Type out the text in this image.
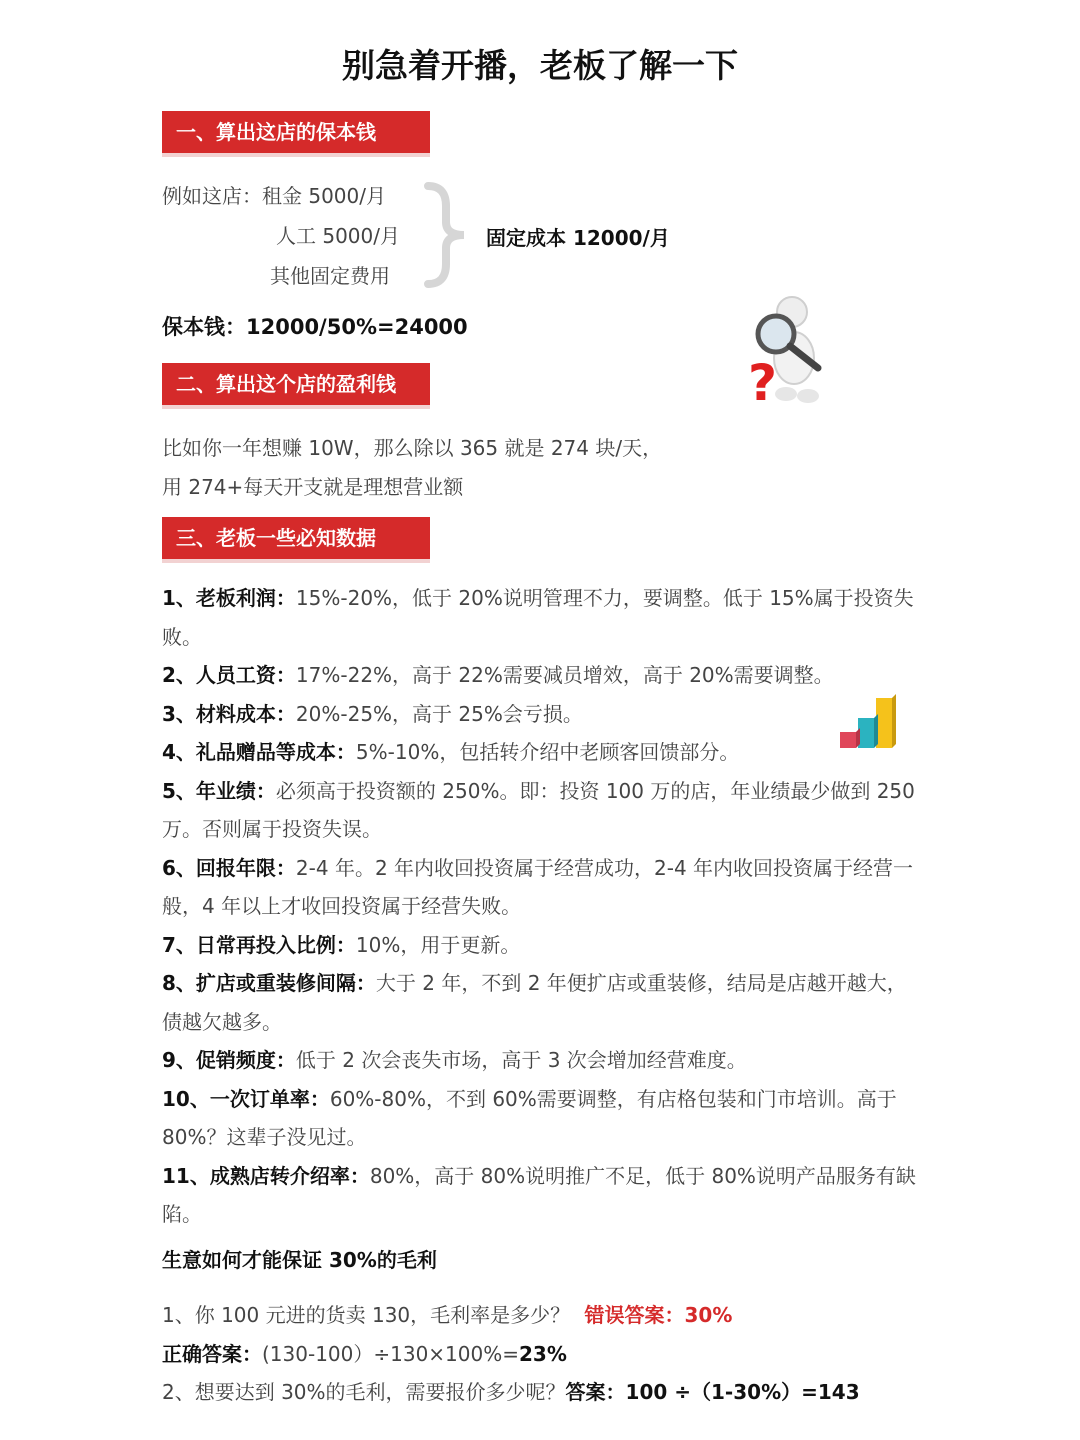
别急着开播，老板了解一下
一、算出这店的保本钱
例如这店：租金 5000/月
人工 5000/月
其他固定费用
固定成本 12000/月
保本钱：12000/50%=24000
?
二、算出这个店的盈利钱
比如你一年想赚 10W，那么除以 365 就是 274 块/天，
用 274+每天开支就是理想营业额
三、老板一些必知数据

1、老板利润：15%-20%，低于 20%说明管理不力，要调整。低于 15%属于投资失败。

2、人员工资：17%-22%，高于 22%需要减员增效，高于 20%需要调整。

3、材料成本：20%-25%，高于 25%会亏损。

4、礼品赠品等成本：5%-10%，包括转介绍中老顾客回馈部分。

5、年业绩：必须高于投资额的 250%。即：投资 100 万的店，年业绩最少做到 250 万。否则属于投资失误。

6、回报年限：2-4 年。2 年内收回投资属于经营成功，2-4 年内收回投资属于经营一般，4 年以上才收回投资属于经营失败。

7、日常再投入比例：10%，用于更新。

8、扩店或重装修间隔：大于 2 年，不到 2 年便扩店或重装修，结局是店越开越大，债越欠越多。

9、促销频度：低于 2 次会丧失市场，高于 3 次会增加经营难度。

10、一次订单率：60%-80%，不到 60%需要调整，有店格包装和门市培训。高于 80%？这辈子没见过。

11、成熟店转介绍率：80%，高于 80%说明推广不足，低于 80%说明产品服务有缺陷。

生意如何才能保证 30%的毛利
1、你 100 元进的货卖 130，毛利率是多少？ 错误答案：30%
正确答案：(130-100）÷130×100%=23%
2、想要达到 30%的毛利，需要报价多少呢？答案：100 ÷（1-30%）=143
